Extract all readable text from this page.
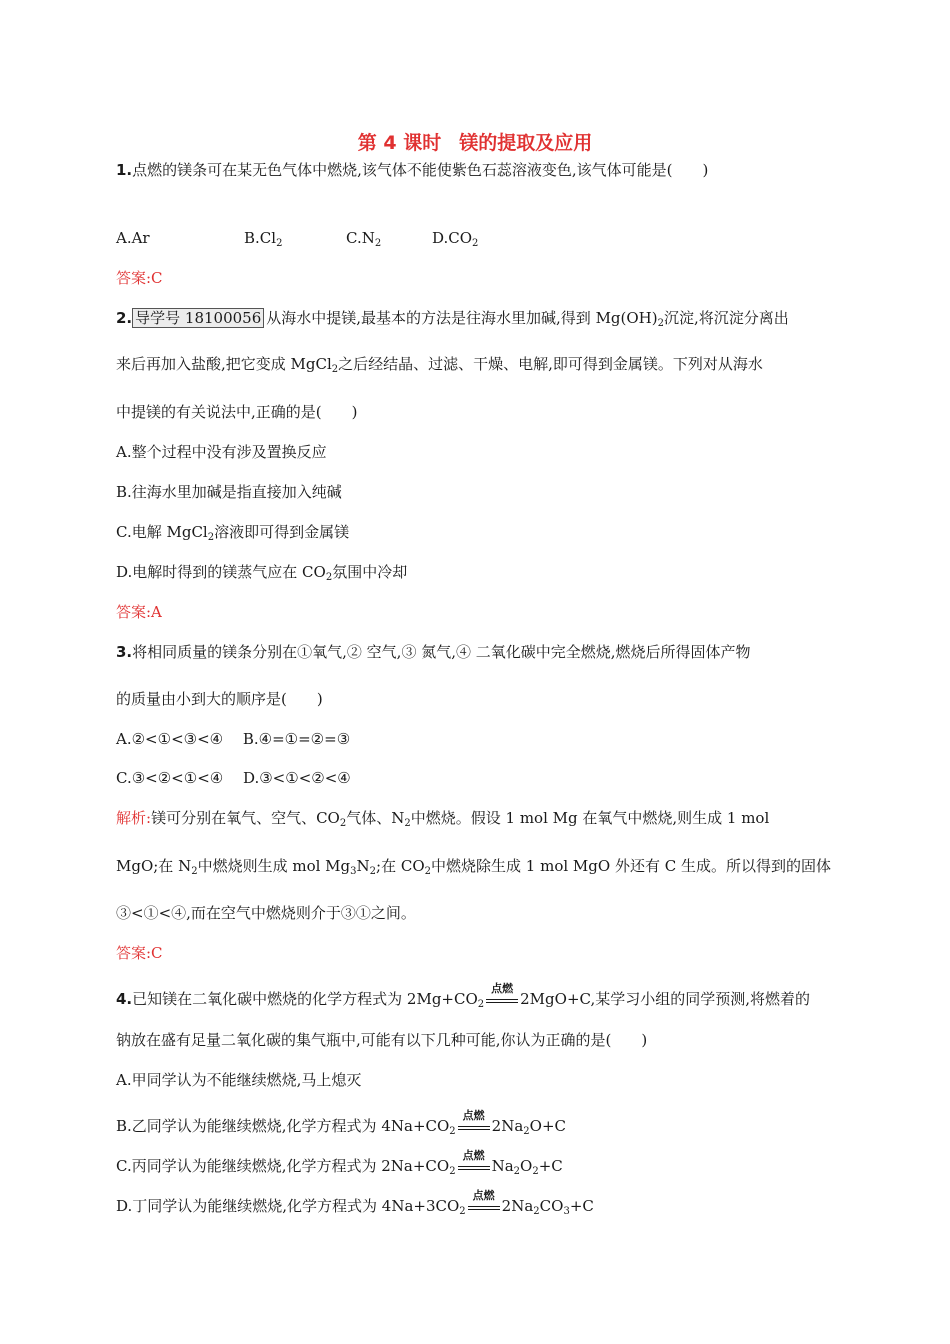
第 4 课时 镁的提取及应用
1.点燃的镁条可在某无色气体中燃烧,该气体不能使紫色石蕊溶液变色,该气体可能是(　　)
A.Ar	$B.Cl_2$	$C.N_2$	$D.CO_2$
答案:C
2. 导学号 18100056 从海水中提镁,最基本的方法是往海水里加碱,得到 $Mg(OH)_2$沉淀,将沉淀分离出
来后再加入盐酸,把它变成 MgCl$_2$之后经结晶、过滤、干燥、电解,即可得到金属镁。下列对从海水
中提镁的有关说法中,正确的是(　　)
A.整个过程中没有涉及置换反应
B.往海水里加碱是指直接加入纯碱
C.电解 MgCl$_2$溶液即可得到金属镁
D.电解时得到的镁蒸气应在 $CO_2$氛围中冷却
答案:A
3.将相同质量的镁条分别在①氧气,② 空气,③ 氮气,④ 二氧化碳中完全燃烧,燃烧后所得固体产物
的质量由小到大的顺序是(　　)
A.②<①<③<④　 B.④=①=②=③
C.③<②<①<④　 D.③<①<②<④
解析:镁可分别在氧气、空气、$CO_2$气体、$N_2$中燃烧。假设 1 mol Mg 在氧气中燃烧,则生成 1 mol
MgO;在 $N_2$中燃烧则生成 mol $Mg_3N_2$;在 $CO_2$中燃烧除生成 1 mol MgO 外还有 C 生成。所以得到的固体
③<①<④,而在空气中燃烧则介于③①之间。
答案:C
4.已知镁在二氧化碳中燃烧的化学方程式为 $2Mg+CO_2$
点燃
2MgO+C,某学习小组的同学预测,将燃着的
钠放在盛有足量二氧化碳的集气瓶中,可能有以下几种可能,你认为正确的是(　　)
A.甲同学认为不能继续燃烧,马上熄灭
B.乙同学认为能继续燃烧,化学方程式为 $4Na+CO_2$
点燃
$2Na_2O+C$
C.丙同学认为能继续燃烧,化学方程式为 $2Na+CO_2$
点燃
$Na_2O_2+C$
D.丁同学认为能继续燃烧,化学方程式为 $4Na+3CO_2$
点燃
$2Na_2CO_3+C$
